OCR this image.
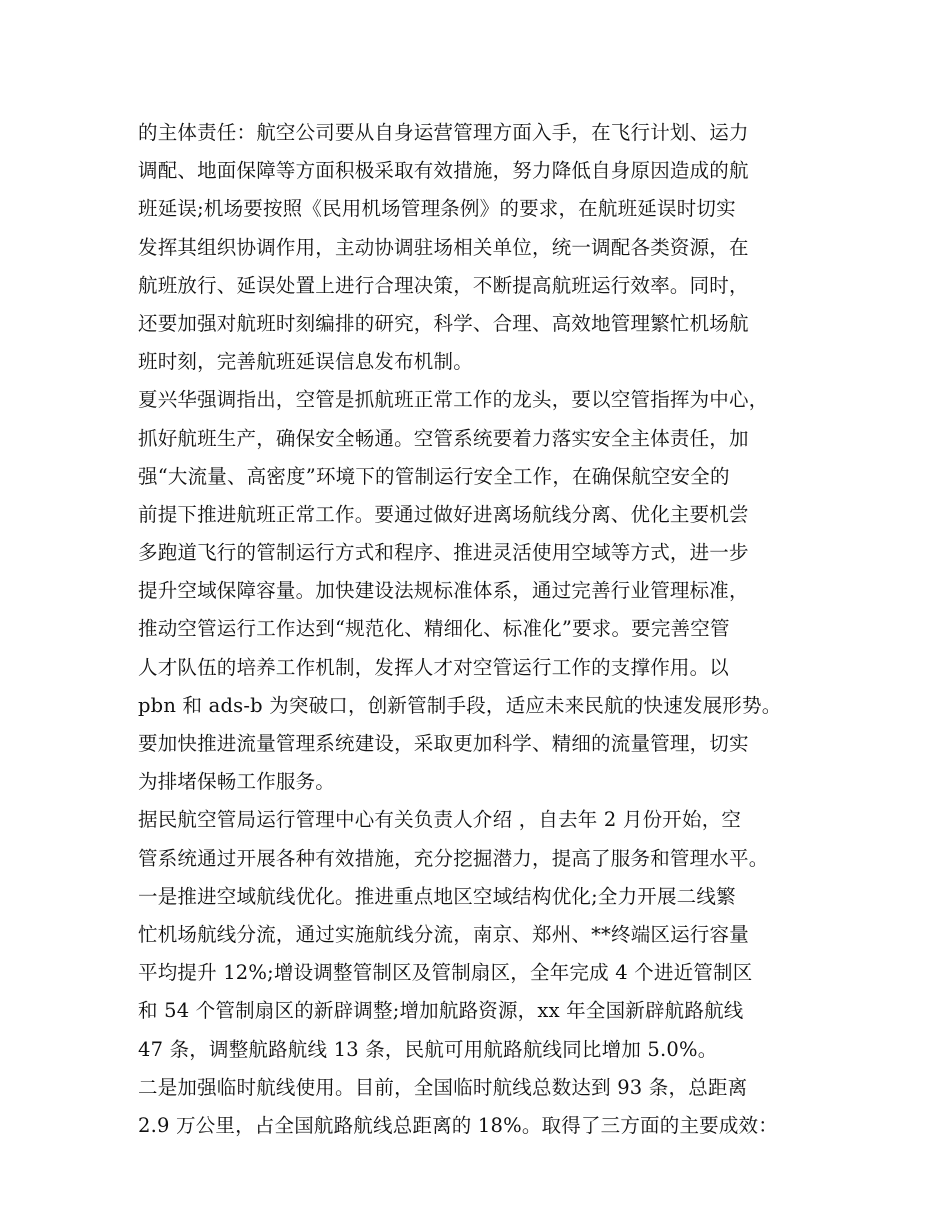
的主体责任：航空公司要从自身运营管理方面入手，在飞行计划、运力
调配、地面保障等方面积极采取有效措施，努力降低自身原因造成的航
班延误;机场要按照《民用机场管理条例》的要求，在航班延误时切实
发挥其组织协调作用，主动协调驻场相关单位，统一调配各类资源，在
航班放行、延误处置上进行合理决策，不断提高航班运行效率。同时，
还要加强对航班时刻编排的研究，科学、合理、高效地管理繁忙机场航
班时刻，完善航班延误信息发布机制。
夏兴华强调指出，空管是抓航班正常工作的龙头，要以空管指挥为中心，
抓好航班生产，确保安全畅通。空管系统要着力落实安全主体责任，加
强“大流量、高密度”环境下的管制运行安全工作，在确保航空安全的
前提下推进航班正常工作。要通过做好进离场航线分离、优化主要机尝
多跑道飞行的管制运行方式和程序、推进灵活使用空域等方式，进一步
提升空域保障容量。加快建设法规标准体系，通过完善行业管理标准，
推动空管运行工作达到“规范化、精细化、标准化”要求。要完善空管
人才队伍的培养工作机制，发挥人才对空管运行工作的支撑作用。以
pbn 和 ads-b 为突破口，创新管制手段，适应未来民航的快速发展形势。
要加快推进流量管理系统建设，采取更加科学、精细的流量管理，切实
为排堵保畅工作服务。
据民航空管局运行管理中心有关负责人介绍 ，自去年 2 月份开始，空
管系统通过开展各种有效措施，充分挖掘潜力，提高了服务和管理水平。
一是推进空域航线优化。推进重点地区空域结构优化;全力开展二线繁
忙机场航线分流，通过实施航线分流，南京、郑州、**终端区运行容量
平均提升 12%;增设调整管制区及管制扇区，全年完成 4 个进近管制区
和 54 个管制扇区的新辟调整;增加航路资源，xx 年全国新辟航路航线
47 条，调整航路航线 13 条，民航可用航路航线同比增加 5.0%。
二是加强临时航线使用。目前，全国临时航线总数达到 93 条，总距离
2.9 万公里，占全国航路航线总距离的 18%。取得了三方面的主要成效：
